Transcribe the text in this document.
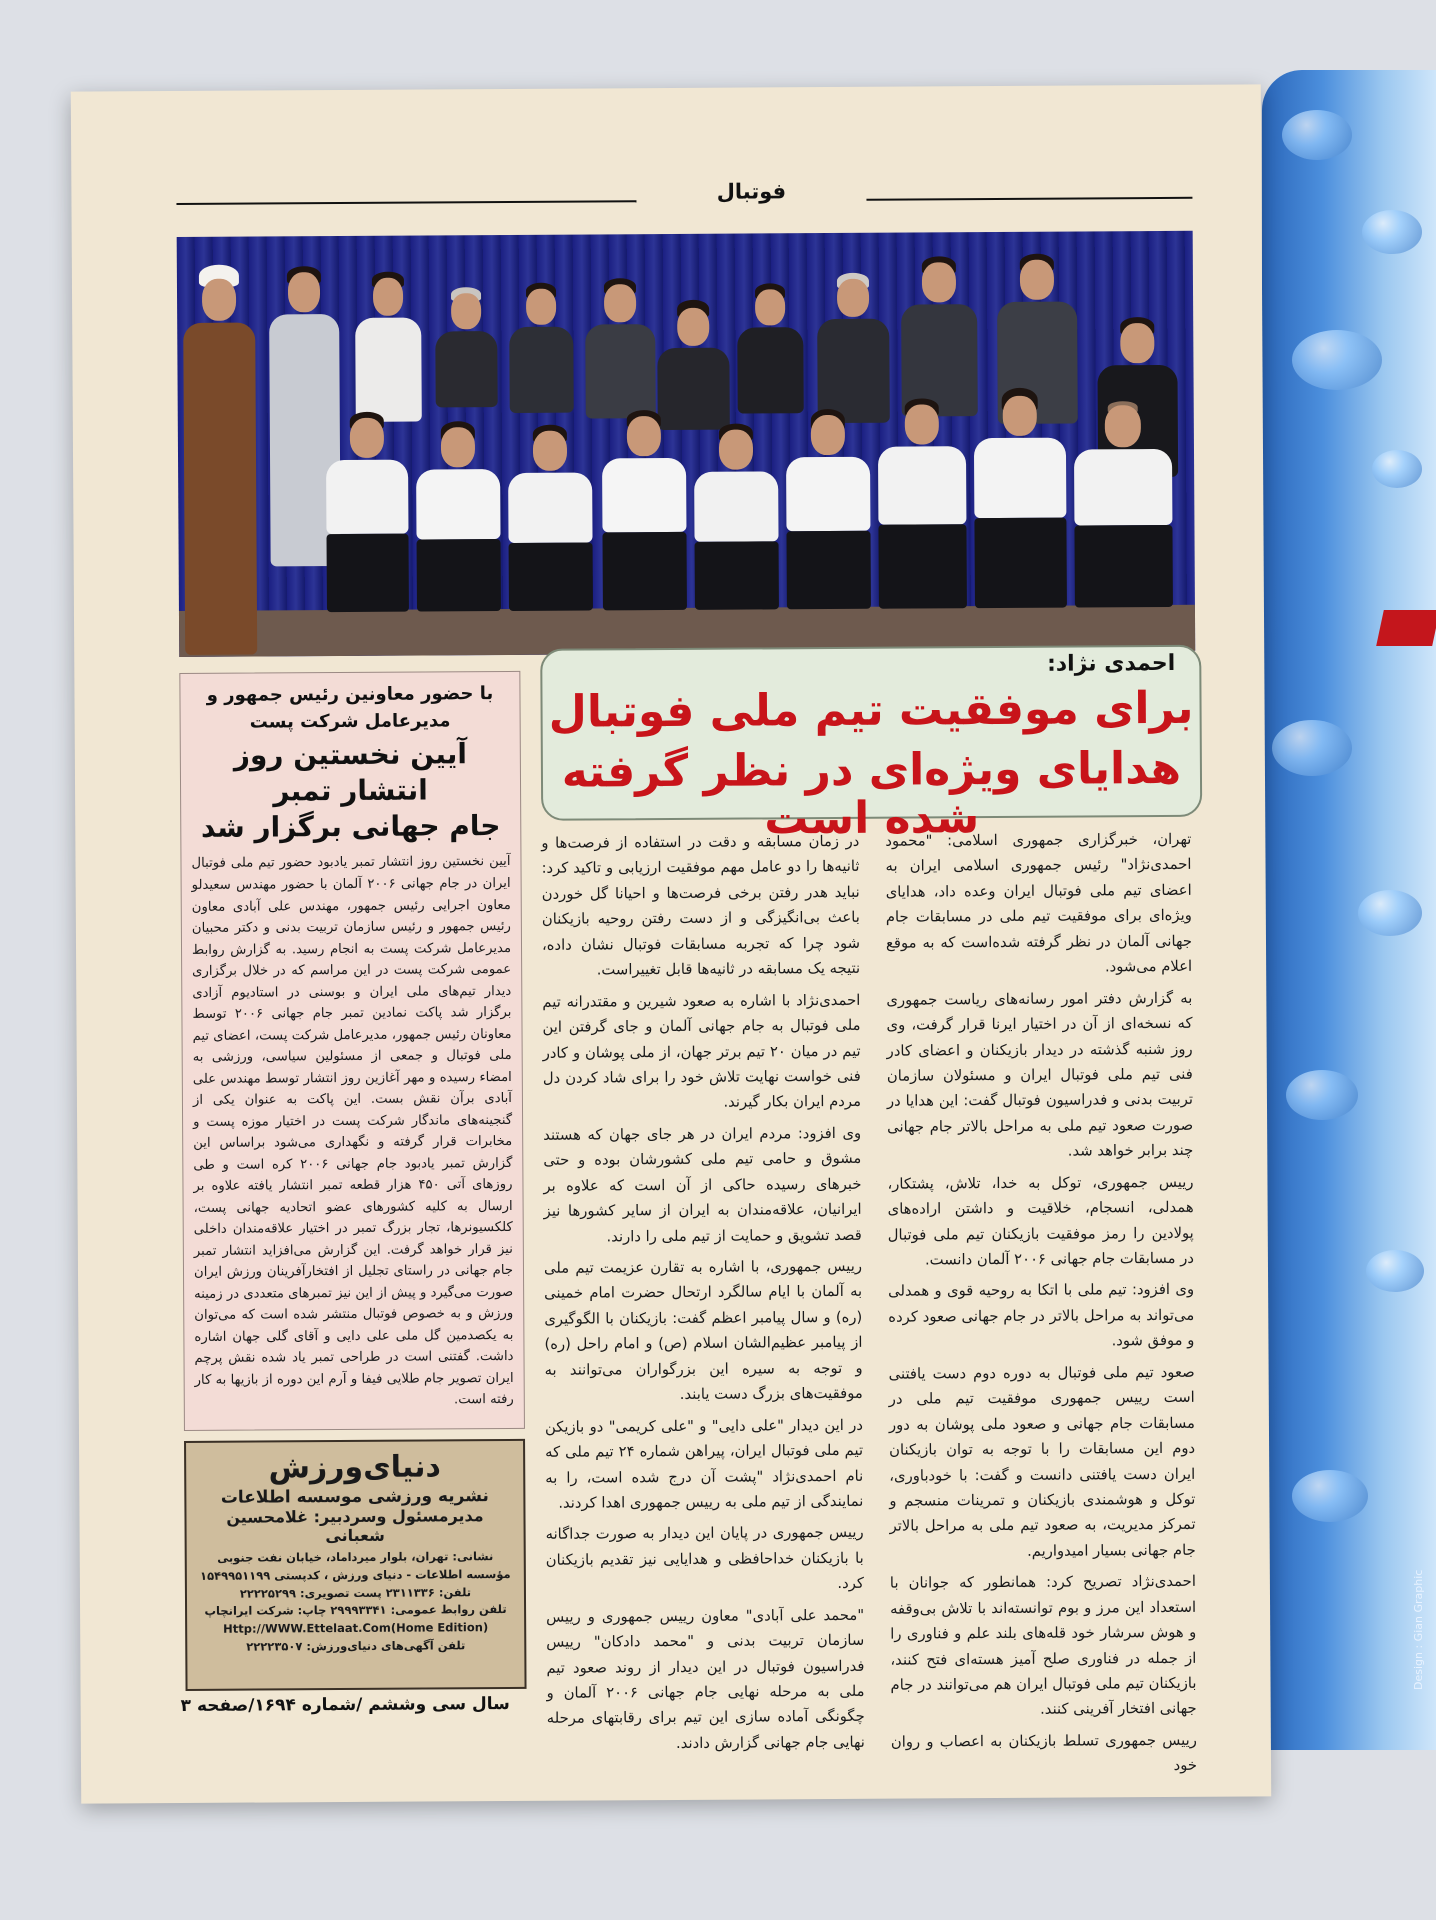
Design : Gian Graphic
فوتبال
احمدی نژاد:
برای موفقیت تیم ملی فوتبال
هدایای ویژه‌ای در نظر گرفته شده است
با حضور معاونین رئیس جمهور و
مدیرعامل شرکت پست
آیین نخستین روز انتشار تمبر
جام جهانی برگزار شد
آیین نخستین روز انتشار تمبر یادبود حضور تیم ملی فوتبال ایران در جام جهانی ۲۰۰۶ آلمان با حضور مهندس سعیدلو معاون اجرایی رئیس جمهور، مهندس علی آبادی معاون رئیس جمهور و رئیس سازمان تربیت بدنی و دکتر محبیان مدیرعامل شرکت پست به انجام رسید. به گزارش روابط عمومی شرکت پست در این مراسم که در خلال برگزاری دیدار تیم‌های ملی ایران و بوسنی در استادیوم آزادی برگزار شد پاکت نمادین تمبر جام جهانی ۲۰۰۶ توسط معاونان رئیس جمهور، مدیرعامل شرکت پست، اعضای تیم ملی فوتبال و جمعی از مسئولین سیاسی، ورزشی به امضاء رسیده و مهر آغازین روز انتشار توسط مهندس علی آبادی برآن نقش بست. این پاکت به عنوان یکی از گنجینه‌های ماندگار شرکت پست در اختیار موزه پست و مخابرات قرار گرفته و نگهداری می‌شود براساس این گزارش تمبر یادبود جام جهانی ۲۰۰۶ کره است و طی روزهای آتی ۴۵۰ هزار قطعه تمبر انتشار یافته علاوه بر ارسال به کلیه کشورهای عضو اتحادیه جهانی پست، کلکسیونرها، تجار بزرگ تمبر در اختیار علاقه‌مندان داخلی نیز قرار خواهد گرفت. این گزارش می‌افزاید انتشار تمبر جام جهانی در راستای تجلیل از افتخارآفرینان ورزش ایران صورت می‌گیرد و پیش از این نیز تمبرهای متعددی در زمینه ورزش و به خصوص فوتبال منتشر شده است که می‌توان به یکصدمین گل ملی علی دایی و آقای گلی جهان اشاره داشت. گفتنی است در طراحی تمبر یاد شده نقش پرچم ایران تصویر جام طلایی فیفا و آرم این دوره از بازیها به کار رفته است.
دنیای‌ورزش
نشریه ورزشی موسسه اطلاعات
مدیرمسئول وسردبیر: غلامحسین شعبانی
نشانی: تهران، بلوار میرداماد، خیابان نفت جنوبی
مؤسسه اطلاعات - دنیای ورزش ، کدپستی ۱۵۴۹۹۵۱۱۹۹
تلفن: ۲۳۱۱۳۳۶ پست تصویری: ۲۲۲۲۵۲۹۹
تلفن روابط عمومی: ۲۹۹۹۳۳۴۱ چاپ: شرکت ایرانچاپ
Http://WWW.Ettelaat.Com(Home Edition)
تلفن آگهی‌های دنیای‌ورزش: ۲۲۲۲۳۵۰۷

تهران، خبرگزاری جمهوری اسلامی: "محمود احمدی‌نژاد" رئیس جمهوری اسلامی ایران به اعضای تیم ملی فوتبال ایران وعده داد، هدایای ویژه‌ای برای موفقیت تیم ملی در مسابقات جام جهانی آلمان در نظر گرفته شده‌است که به موقع اعلام می‌شود.

به گزارش دفتر امور رسانه‌های ریاست جمهوری که نسخه‌ای از آن در اختیار ایرنا قرار گرفت، وی روز شنبه گذشته در دیدار بازیکنان و اعضای کادر فنی تیم ملی فوتبال ایران و مسئولان سازمان تربیت بدنی و فدراسیون فوتبال گفت: این هدایا در صورت صعود تیم ملی به مراحل بالاتر جام جهانی چند برابر خواهد شد.

رییس جمهوری، توکل به خدا، تلاش، پشتکار، همدلی، انسجام، خلاقیت و داشتن اراده‌های پولادین را رمز موفقیت بازیکنان تیم ملی فوتبال در مسابقات جام جهانی ۲۰۰۶ آلمان دانست.

وی افزود: تیم ملی با اتکا به روحیه قوی و همدلی می‌تواند به مراحل بالاتر در جام جهانی صعود کرده و موفق شود.

صعود تیم ملی فوتبال به دوره دوم دست یافتنی است رییس جمهوری موفقیت تیم ملی در مسابقات جام جهانی و صعود ملی پوشان به دور دوم این مسابقات را با توجه به توان بازیکنان ایران دست یافتنی دانست و گفت: با خودباوری، توکل و هوشمندی بازیکنان و تمرینات منسجم و تمرکز مدیریت، به صعود تیم ملی به مراحل بالاتر جام جهانی بسیار امیدواریم.

احمدی‌نژاد تصریح کرد: همانطور که جوانان با استعداد این مرز و بوم توانسته‌اند با تلاش بی‌وقفه و هوش سرشار خود قله‌های بلند علم و فناوری را از جمله در فناوری صلح آمیز هسته‌ای فتح کنند، بازیکنان تیم ملی فوتبال ایران هم می‌توانند در جام جهانی افتخار آفرینی کنند.

رییس جمهوری تسلط بازیکنان به اعصاب و روان خود

در زمان مسابقه و دقت در استفاده از فرصت‌ها و ثانیه‌ها را دو عامل مهم موفقیت ارزیابی و تاکید کرد: نباید هدر رفتن برخی فرصت‌ها و احیانا گل خوردن باعث بی‌انگیزگی و از دست رفتن روحیه بازیکنان شود چرا که تجربه مسابقات فوتبال نشان داده، نتیجه یک مسابقه در ثانیه‌ها قابل تغییراست.

احمدی‌نژاد با اشاره به صعود شیرین و مقتدرانه تیم ملی فوتبال به جام جهانی آلمان و جای گرفتن این تیم در میان ۲۰ تیم برتر جهان، از ملی پوشان و کادر فنی خواست نهایت تلاش خود را برای شاد کردن دل مردم ایران بکار گیرند.

وی افزود: مردم ایران در هر جای جهان که هستند مشوق و حامی تیم ملی کشورشان بوده و حتی خبرهای رسیده حاکی از آن است که علاوه بر ایرانیان، علاقه‌مندان به ایران از سایر کشورها نیز قصد تشویق و حمایت از تیم ملی را دارند.

رییس جمهوری، با اشاره به تقارن عزیمت تیم ملی به آلمان با ایام سالگرد ارتحال حضرت امام خمینی (ره) و سال پیامبر اعظم گفت: بازیکنان با الگوگیری از پیامبر عظیم‌الشان اسلام (ص) و امام راحل (ره) و توجه به سیره این بزرگواران می‌توانند به موفقیت‌های بزرگ دست یابند.

در این دیدار "علی دایی" و "علی کریمی" دو بازیکن تیم ملی فوتبال ایران، پیراهن شماره ۲۴ تیم ملی که نام احمدی‌نژاد "پشت آن درج شده است، را به نمایندگی از تیم ملی به رییس جمهوری اهدا کردند.

رییس جمهوری در پایان این دیدار به صورت جداگانه با بازیکنان خداحافظی و هدایایی نیز تقدیم بازیکنان کرد.

"محمد علی آبادی" معاون رییس جمهوری و رییس سازمان تربیت بدنی و "محمد دادکان" رییس فدراسیون فوتبال در این دیدار از روند صعود تیم ملی به مرحله نهایی جام جهانی ۲۰۰۶ آلمان و چگونگی آماده سازی این تیم برای رقابتهای مرحله نهایی جام جهانی گزارش دادند.

سال سی وششم /شماره ۱۶۹۴/صفحه ۳
